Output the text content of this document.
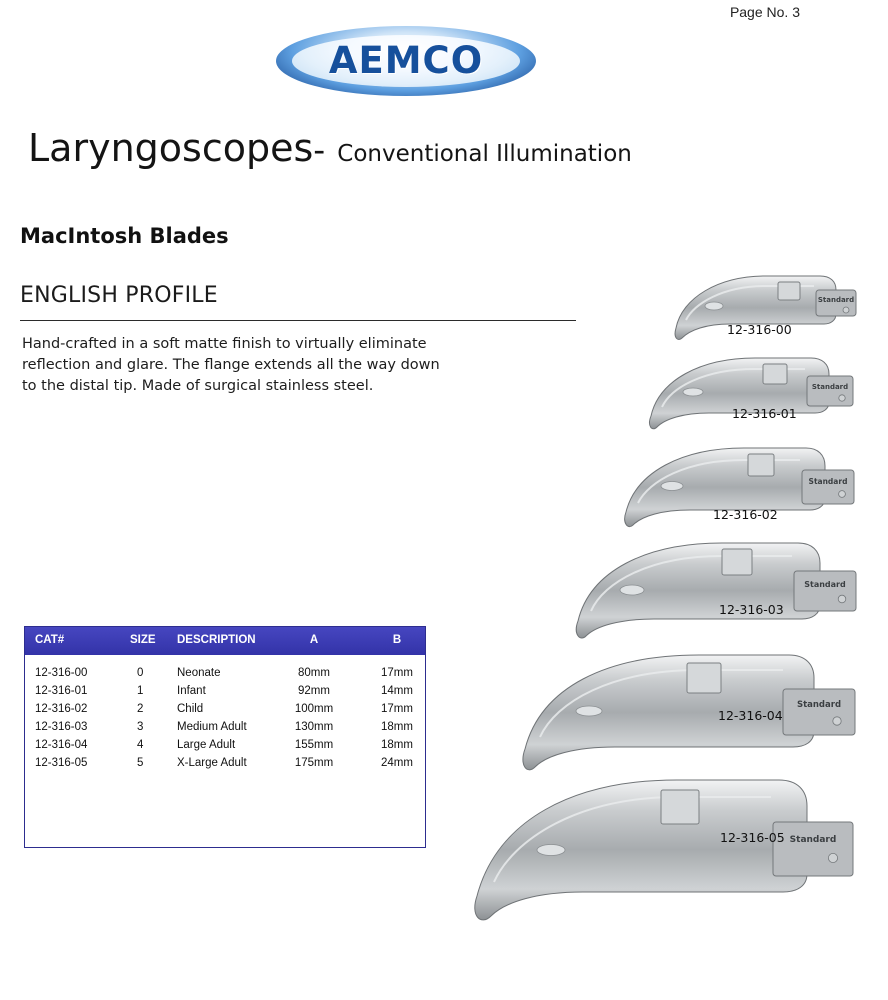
Page No. 3
AEMCO
Laryngoscopes- Conventional Illumination
MacIntosh Blades
ENGLISH PROFILE
Hand-crafted in a soft matte finish to virtually eliminate reflection and glare. The flange extends all the way down to the distal tip. Made of surgical stainless steel.
CAT#	SIZE DESCRIPTION	A	B
12-316-00	0	Neonate	80mm	17mm
12-316-01	1	Infant	92mm	14mm
12-316-02	2	Child	100mm	17mm
12-316-03	3	Medium Adult	130mm	18mm
12-316-04	4	Large Adult	155mm	18mm
12-316-05	5	X-Large Adult	175mm	24mm
Standard
12-316-00
Standard
12-316-01
Standard
12-316-02
Standard
12-316-03
Standard
12-316-04
Standard
12-316-05
